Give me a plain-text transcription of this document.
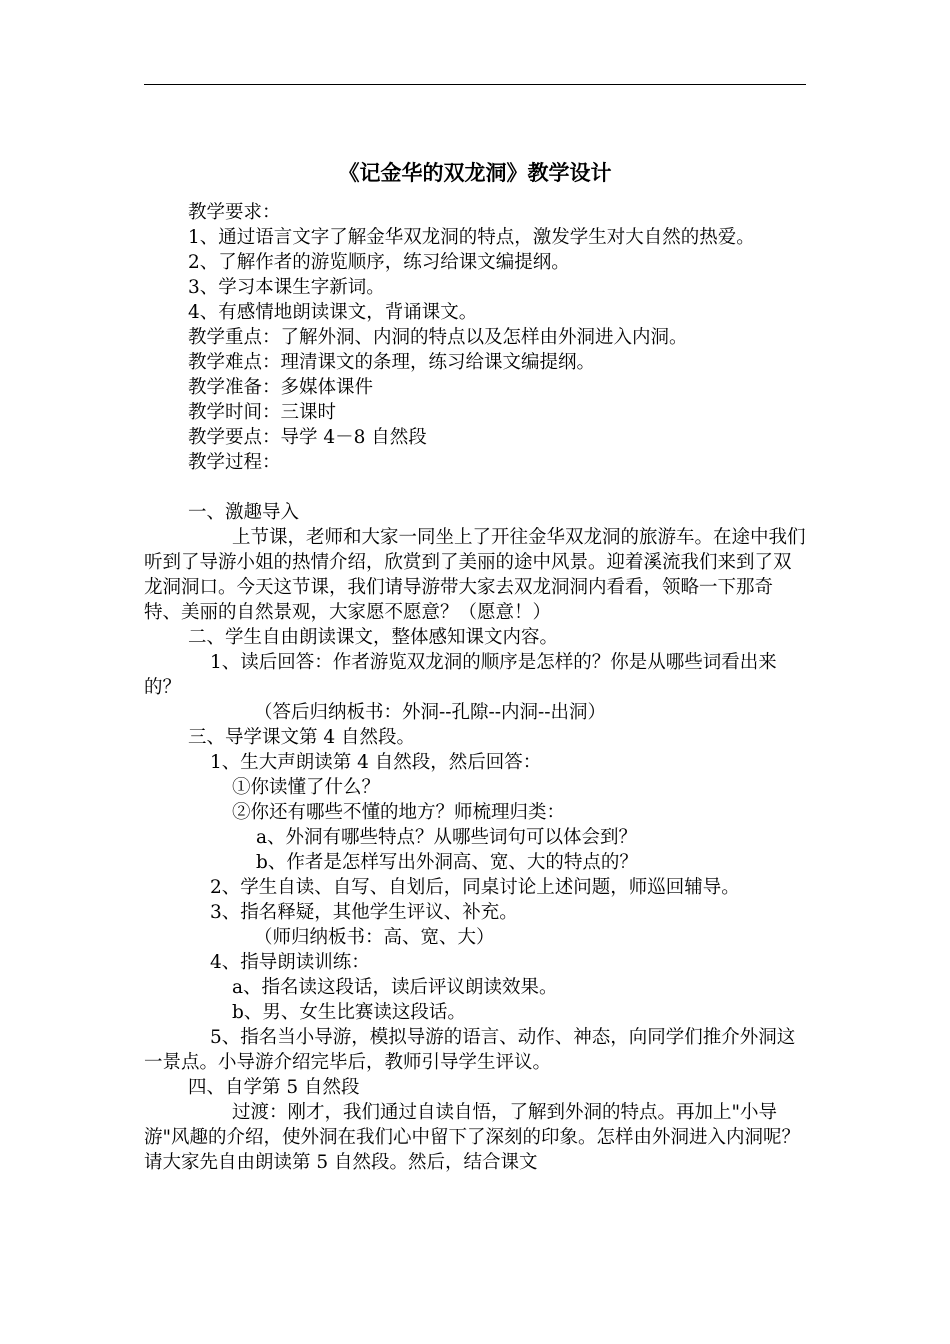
《记金华的双龙洞》教学设计

教学要求：

1、通过语言文字了解金华双龙洞的特点，激发学生对大自然的热爱。

2、了解作者的游览顺序，练习给课文编提纲。

3、学习本课生字新词。

4、有感情地朗读课文，背诵课文。

教学重点：了解外洞、内洞的特点以及怎样由外洞进入内洞。

教学难点：理清课文的条理，练习给课文编提纲。

教学准备：多媒体课件

教学时间：三课时

教学要点：导学 4－8 自然段

教学过程：

一、激趣导入

上节课，老师和大家一同坐上了开往金华双龙洞的旅游车。在途中我们听到了导游小姐的热情介绍，欣赏到了美丽的途中风景。迎着溪流我们来到了双龙洞洞口。今天这节课，我们请导游带大家去双龙洞洞内看看，领略一下那奇特、美丽的自然景观，大家愿不愿意？（愿意！）

二、学生自由朗读课文，整体感知课文内容。

1、读后回答：作者游览双龙洞的顺序是怎样的？你是从哪些词看出来的？

（答后归纳板书：外洞--孔隙--内洞--出洞）

三、导学课文第 4 自然段。

1、生大声朗读第 4 自然段，然后回答：

①你读懂了什么？

②你还有哪些不懂的地方？师梳理归类：

a、外洞有哪些特点？从哪些词句可以体会到？

b、作者是怎样写出外洞高、宽、大的特点的？

2、学生自读、自写、自划后，同桌讨论上述问题，师巡回辅导。

3、指名释疑，其他学生评议、补充。

（师归纳板书：高、宽、大）

4、指导朗读训练：

a、指名读这段话，读后评议朗读效果。

b、男、女生比赛读这段话。

5、指名当小导游，模拟导游的语言、动作、神态，向同学们推介外洞这一景点。小导游介绍完毕后，教师引导学生评议。

四、自学第 5 自然段

过渡：刚才，我们通过自读自悟，了解到外洞的特点。再加上"小导游"风趣的介绍，使外洞在我们心中留下了深刻的印象。怎样由外洞进入内洞呢？请大家先自由朗读第 5 自然段。然后，结合课文
